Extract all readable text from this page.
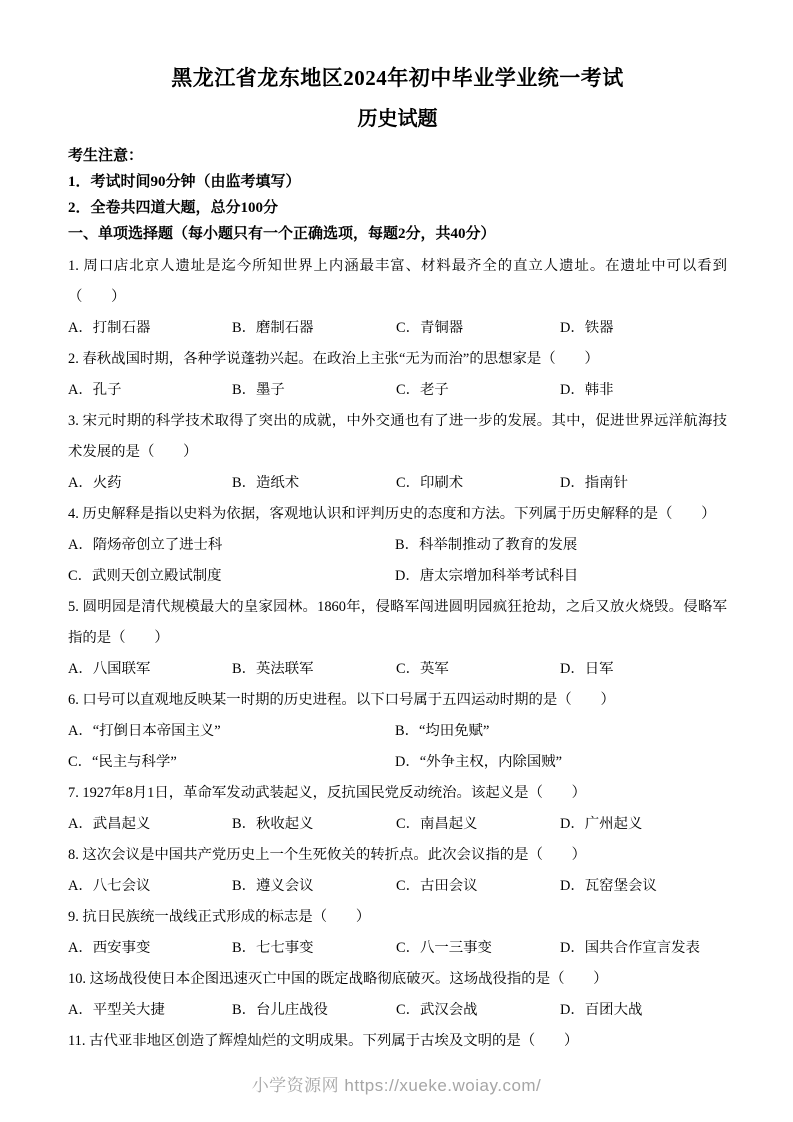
黑龙江省龙东地区2024年初中毕业学业统一考试
历史试题

考生注意：

1．考试时间90分钟（由监考填写）

2．全卷共四道大题，总分100分

一、单项选择题（每小题只有一个正确选项，每题2分，共40分）

1. 周口店北京人遗址是迄今所知世界上内涵最丰富、材料最齐全的直立人遗址。在遗址中可以看到（　　）

A．打制石器	B．磨制石器	C．青铜器	D．铁器

2. 春秋战国时期，各种学说蓬勃兴起。在政治上主张“无为而治”的思想家是（　　）

A．孔子	B．墨子	C．老子	D．韩非

3. 宋元时期的科学技术取得了突出的成就，中外交通也有了进一步的发展。其中，促进世界远洋航海技术发展的是（　　）

A．火药	B．造纸术	C．印刷术	D．指南针

4. 历史解释是指以史料为依据，客观地认识和评判历史的态度和方法。下列属于历史解释的是（　　）

A．隋炀帝创立了进士科	B．科举制推动了教育的发展
C．武则天创立殿试制度	D．唐太宗增加科举考试科目

5. 圆明园是清代规模最大的皇家园林。1860年，侵略军闯进圆明园疯狂抢劫，之后又放火烧毁。侵略军指的是（　　）

A．八国联军	B．英法联军	C．英军	D．日军

6. 口号可以直观地反映某一时期的历史进程。以下口号属于五四运动时期的是（　　）

A．“打倒日本帝国主义”	B．“均田免赋”
C．“民主与科学”	D．“外争主权，内除国贼”

7. 1927年8月1日，革命军发动武装起义，反抗国民党反动统治。该起义是（　　）

A．武昌起义	B．秋收起义	C．南昌起义	D．广州起义

8. 这次会议是中国共产党历史上一个生死攸关的转折点。此次会议指的是（　　）

A．八七会议	B．遵义会议	C．古田会议	D．瓦窑堡会议

9. 抗日民族统一战线正式形成的标志是（　　）

A．西安事变	B．七七事变	C．八一三事变	D．国共合作宣言发表

10. 这场战役使日本企图迅速灭亡中国的既定战略彻底破灭。这场战役指的是（　　）

A．平型关大捷	B．台儿庄战役	C．武汉会战	D．百团大战

11. 古代亚非地区创造了辉煌灿烂的文明成果。下列属于古埃及文明的是（　　）

小学资源网 https://xueke.woiay.com/
